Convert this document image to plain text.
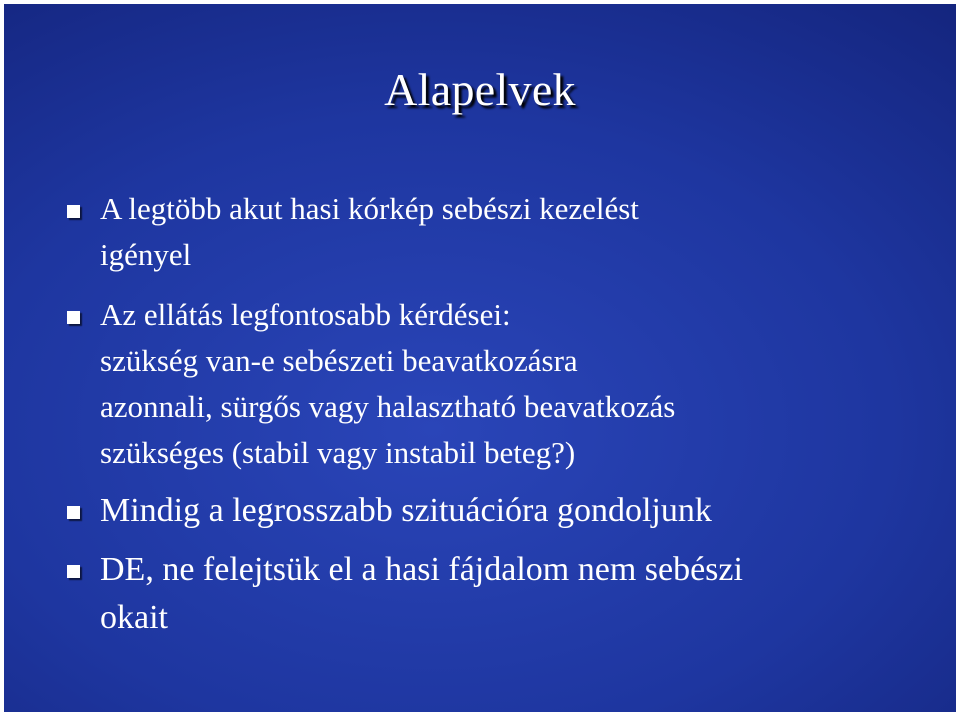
Alapelvek
A legtöbb akut hasi kórkép sebészi kezelést
igényel
Az ellátás legfontosabb kérdései:
szükség van-e sebészeti beavatkozásra
azonnali, sürgős vagy halasztható beavatkozás
szükséges (stabil vagy instabil beteg?)
Mindig a legrosszabb szituációra gondoljunk
DE, ne felejtsük el a hasi fájdalom nem sebészi
okait
